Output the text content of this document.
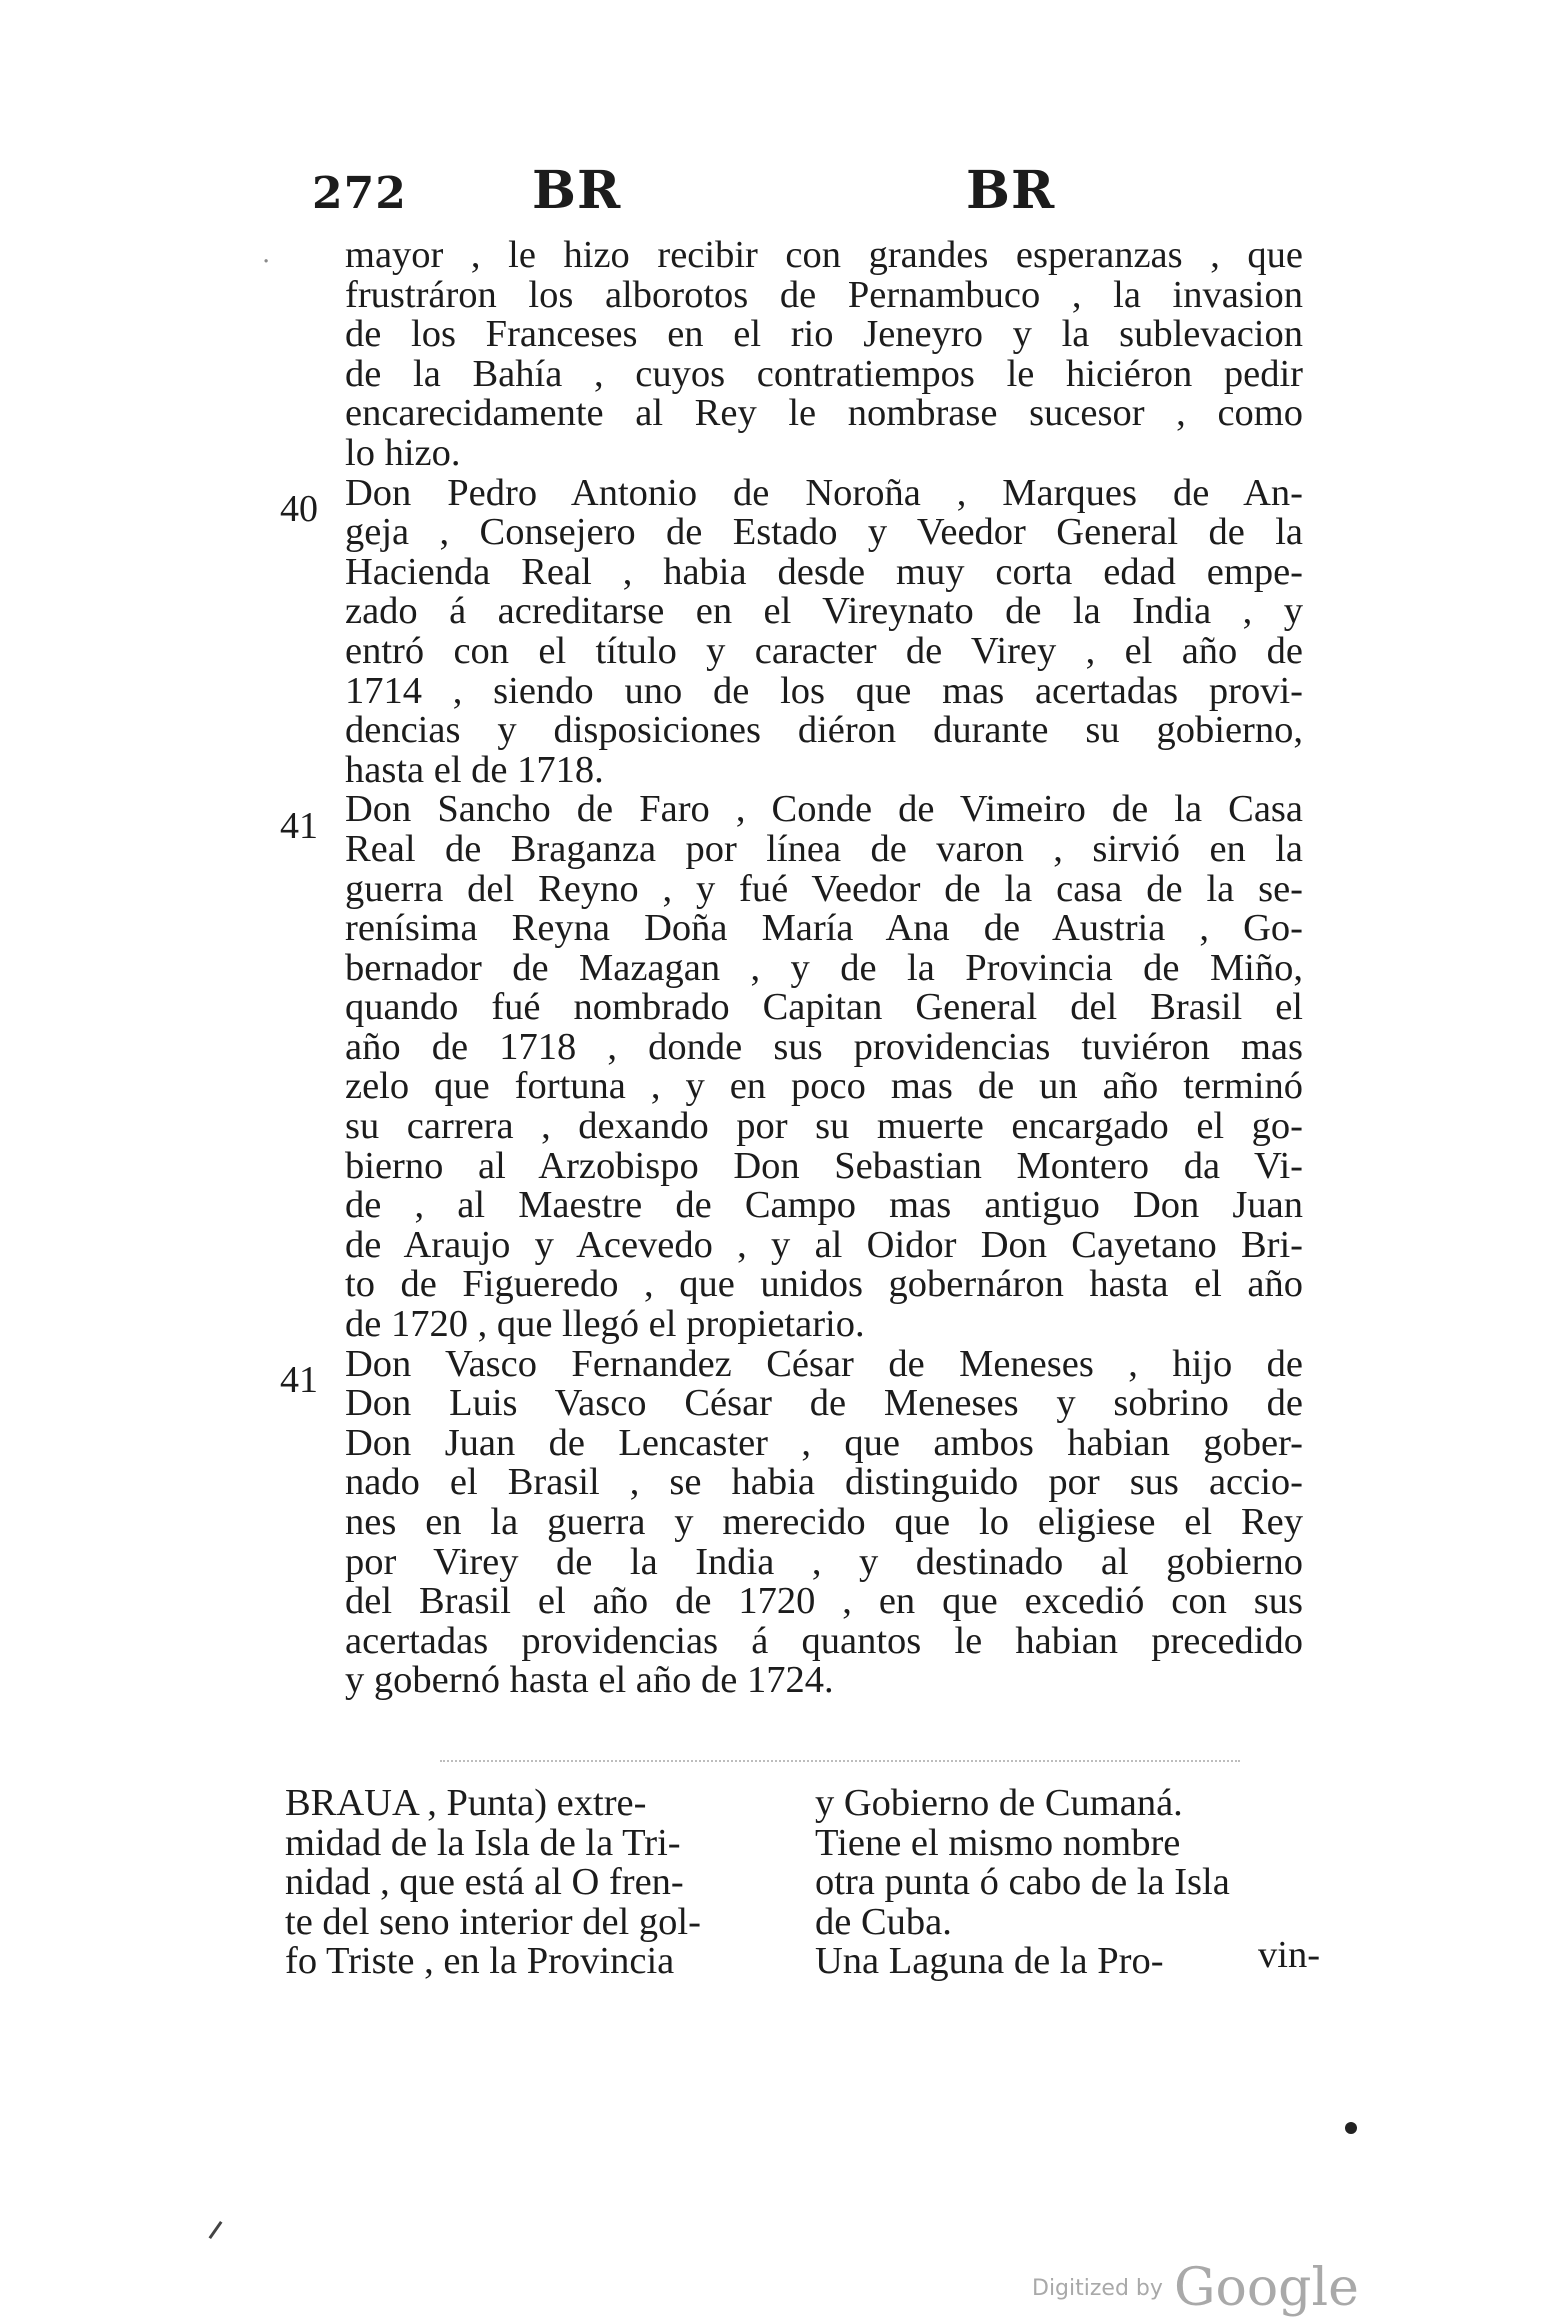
272 BR	BR
· mayor , le hizo recibir con grandes esperanzas , que
frustráron los alborotos de Pernambuco , la invasion
de los Franceses en el rio Jeneyro y la sublevacion
de la Bahía , cuyos contratiempos le hiciéron pedir
encarecidamente al Rey le nombrase sucesor , como
lo hizo.
Don Pedro Antonio de Noroña , Marques de An-
geja , Consejero de Estado y Veedor General de la
Hacienda Real , habia desde muy corta edad empe-
zado á acreditarse en el Vireynato de la India , y
entró con el título y caracter de Virey , el año de
1714 , siendo uno de los que mas acertadas provi-
dencias y disposiciones diéron durante su gobierno,
hasta el de 1718.
Don Sancho de Faro , Conde de Vimeiro de la Casa
Real de Braganza por línea de varon , sirvió en la
guerra del Reyno , y fué Veedor de la casa de la se-
renísima Reyna Doña María Ana de Austria , Go-
bernador de Mazagan , y de la Provincia de Miño,
quando fué nombrado Capitan General del Brasil el
año de 1718 , donde sus providencias tuviéron mas
zelo que fortuna , y en poco mas de un año terminó
su carrera , dexando por su muerte encargado el go-
bierno al Arzobispo Don Sebastian Montero da Vi-
de , al Maestre de Campo mas antiguo Don Juan
de Araujo y Acevedo , y al Oidor Don Cayetano Bri-
to de Figueredo , que unidos gobernáron hasta el año
de 1720 , que llegó el propietario.
Don Vasco Fernandez César de Meneses , hijo de
Don Luis Vasco César de Meneses y sobrino de
Don Juan de Lencaster , que ambos habian gober-
nado el Brasil , se habia distinguido por sus accio-
nes en la guerra y merecido que lo eligiese el Rey
por Virey de la India , y destinado al gobierno
del Brasil el año de 1720 , en que excedió con sus
acertadas providencias á quantos le habian precedido
y gobernó hasta el año de 1724.
40
41
41
BRAUA , Punta) extre-
midad de la Isla de la Tri-
nidad , que está al O fren-
te del seno interior del gol-
fo Triste , en la Provincia
y Gobierno de Cumaná.
Tiene el mismo nombre
otra punta ó cabo de la Isla
de Cuba.
Una Laguna de la Pro-	vin-
Digitized by Google
